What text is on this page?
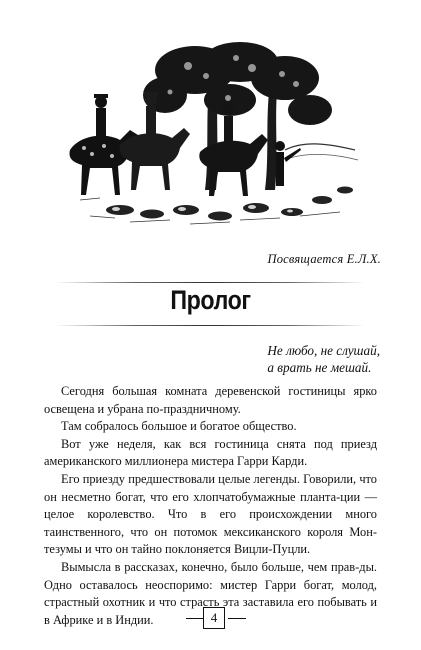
Посвящается Е.Л.Х.
Пролог
Не любо, не слушай,
а врать не мешай.

Сегодня большая комната деревенской гостиницы ярко освещена и убрана по-праздничному.

Там собралось большое и богатое общество.

Вот уже неделя, как вся гостиница снята под приезд американского миллионера мистера Гарри Карди.

Его приезду предшествовали целые легенды. Говорили, что он несметно богат, что его хлопчатобумажные планта-ции — целое королевство. Что в его происхождении много таинственного, что он потомок мексиканского короля Мон-тезумы и что он тайно поклоняется Вицли-Пуцли.

Вымысла в рассказах, конечно, было больше, чем прав-ды. Одно оставалось неоспоримо: мистер Гарри богат, молод, страстный охотник и что страсть эта заставила его побывать и в Африке и в Индии.	4
